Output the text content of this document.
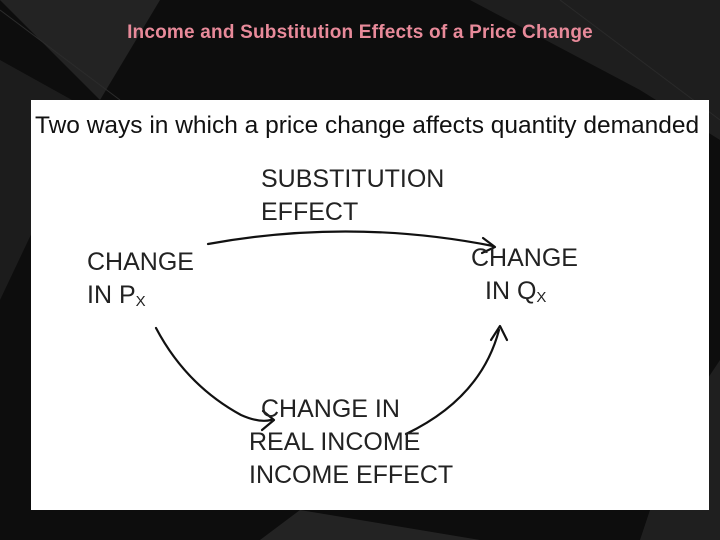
Income and Substitution Effects of a Price Change
Two ways in which a price change affects quantity demanded
SUBSTITUTION
EFFECT
CHANGE
IN $P_X$
CHANGE
IN $Q_X$
CHANGE IN
REAL INCOME
INCOME EFFECT
